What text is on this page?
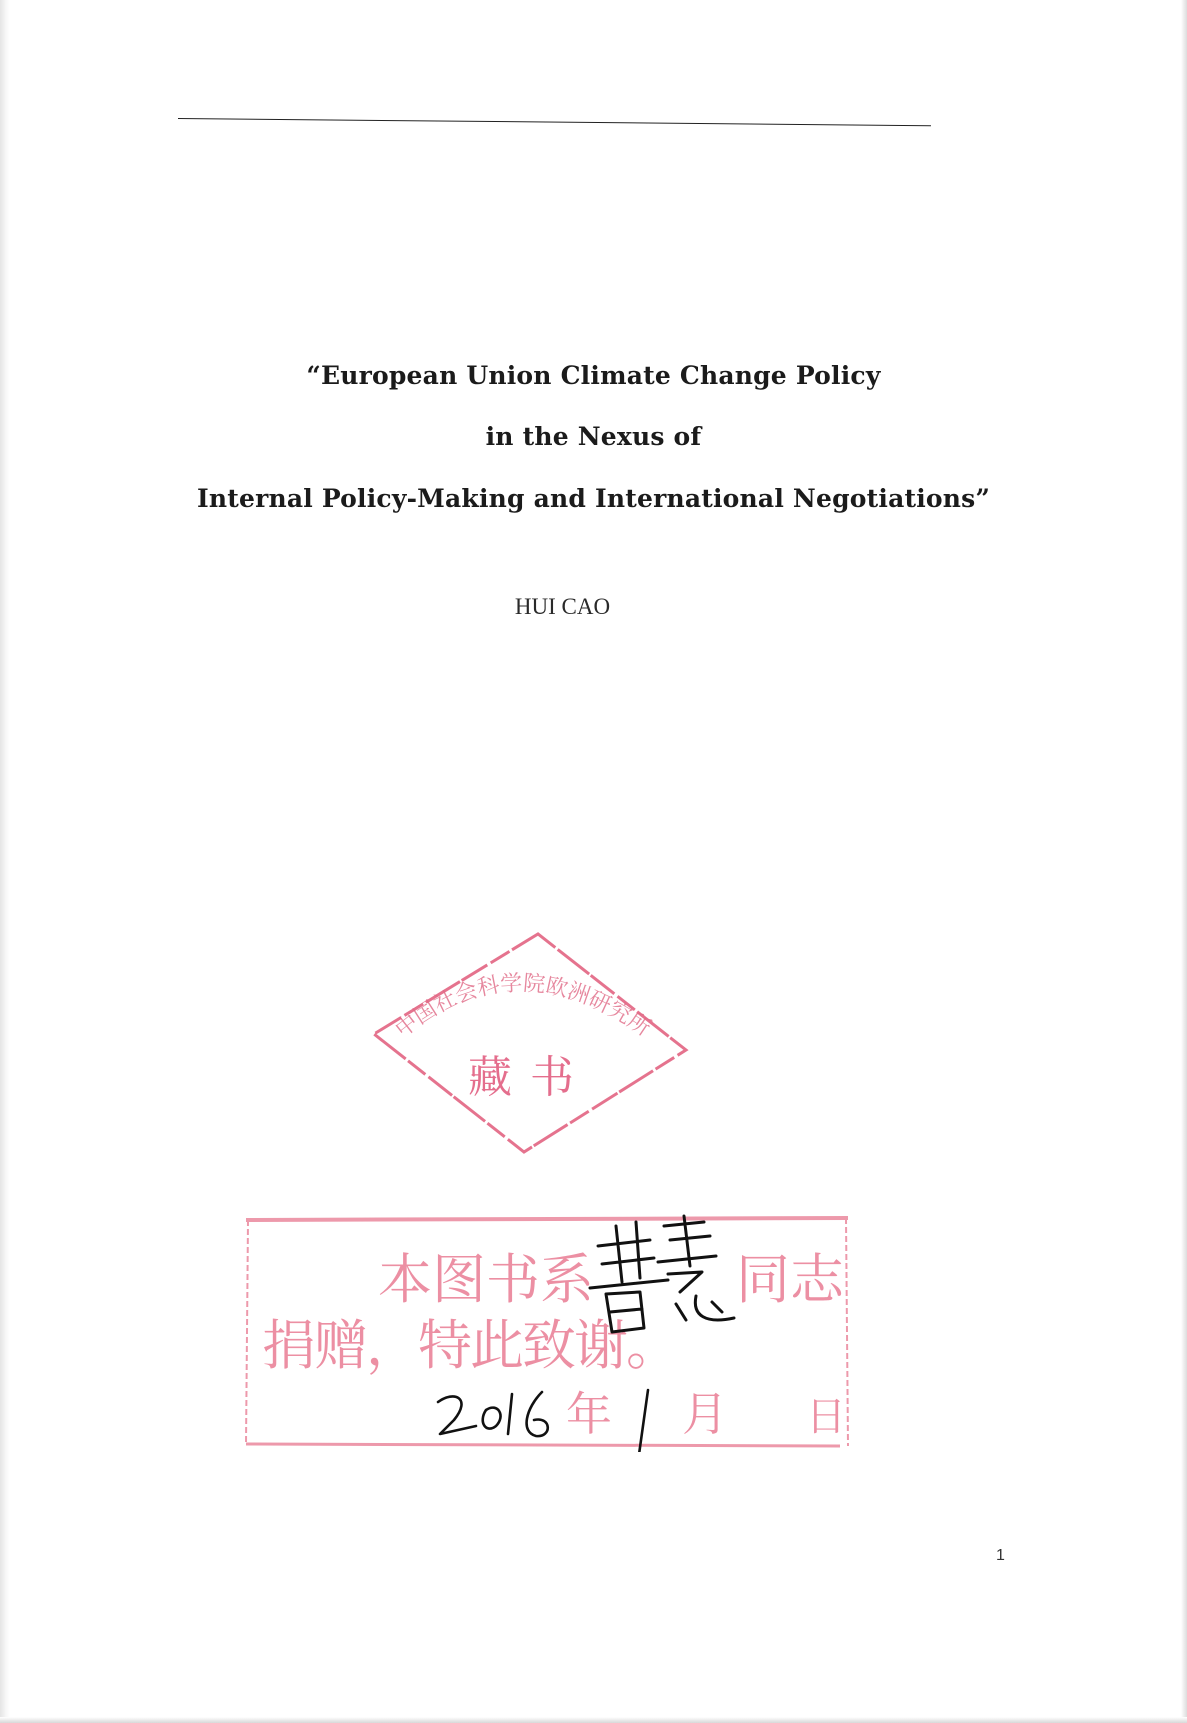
“European Union Climate Change Policy

in the Nexus of

Internal Policy-Making and International Negotiations”

HUI CAO

中国社会科学院欧洲研究所
藏书
本图书系	同志
捐赠，特此致谢。
年 月 日

1
